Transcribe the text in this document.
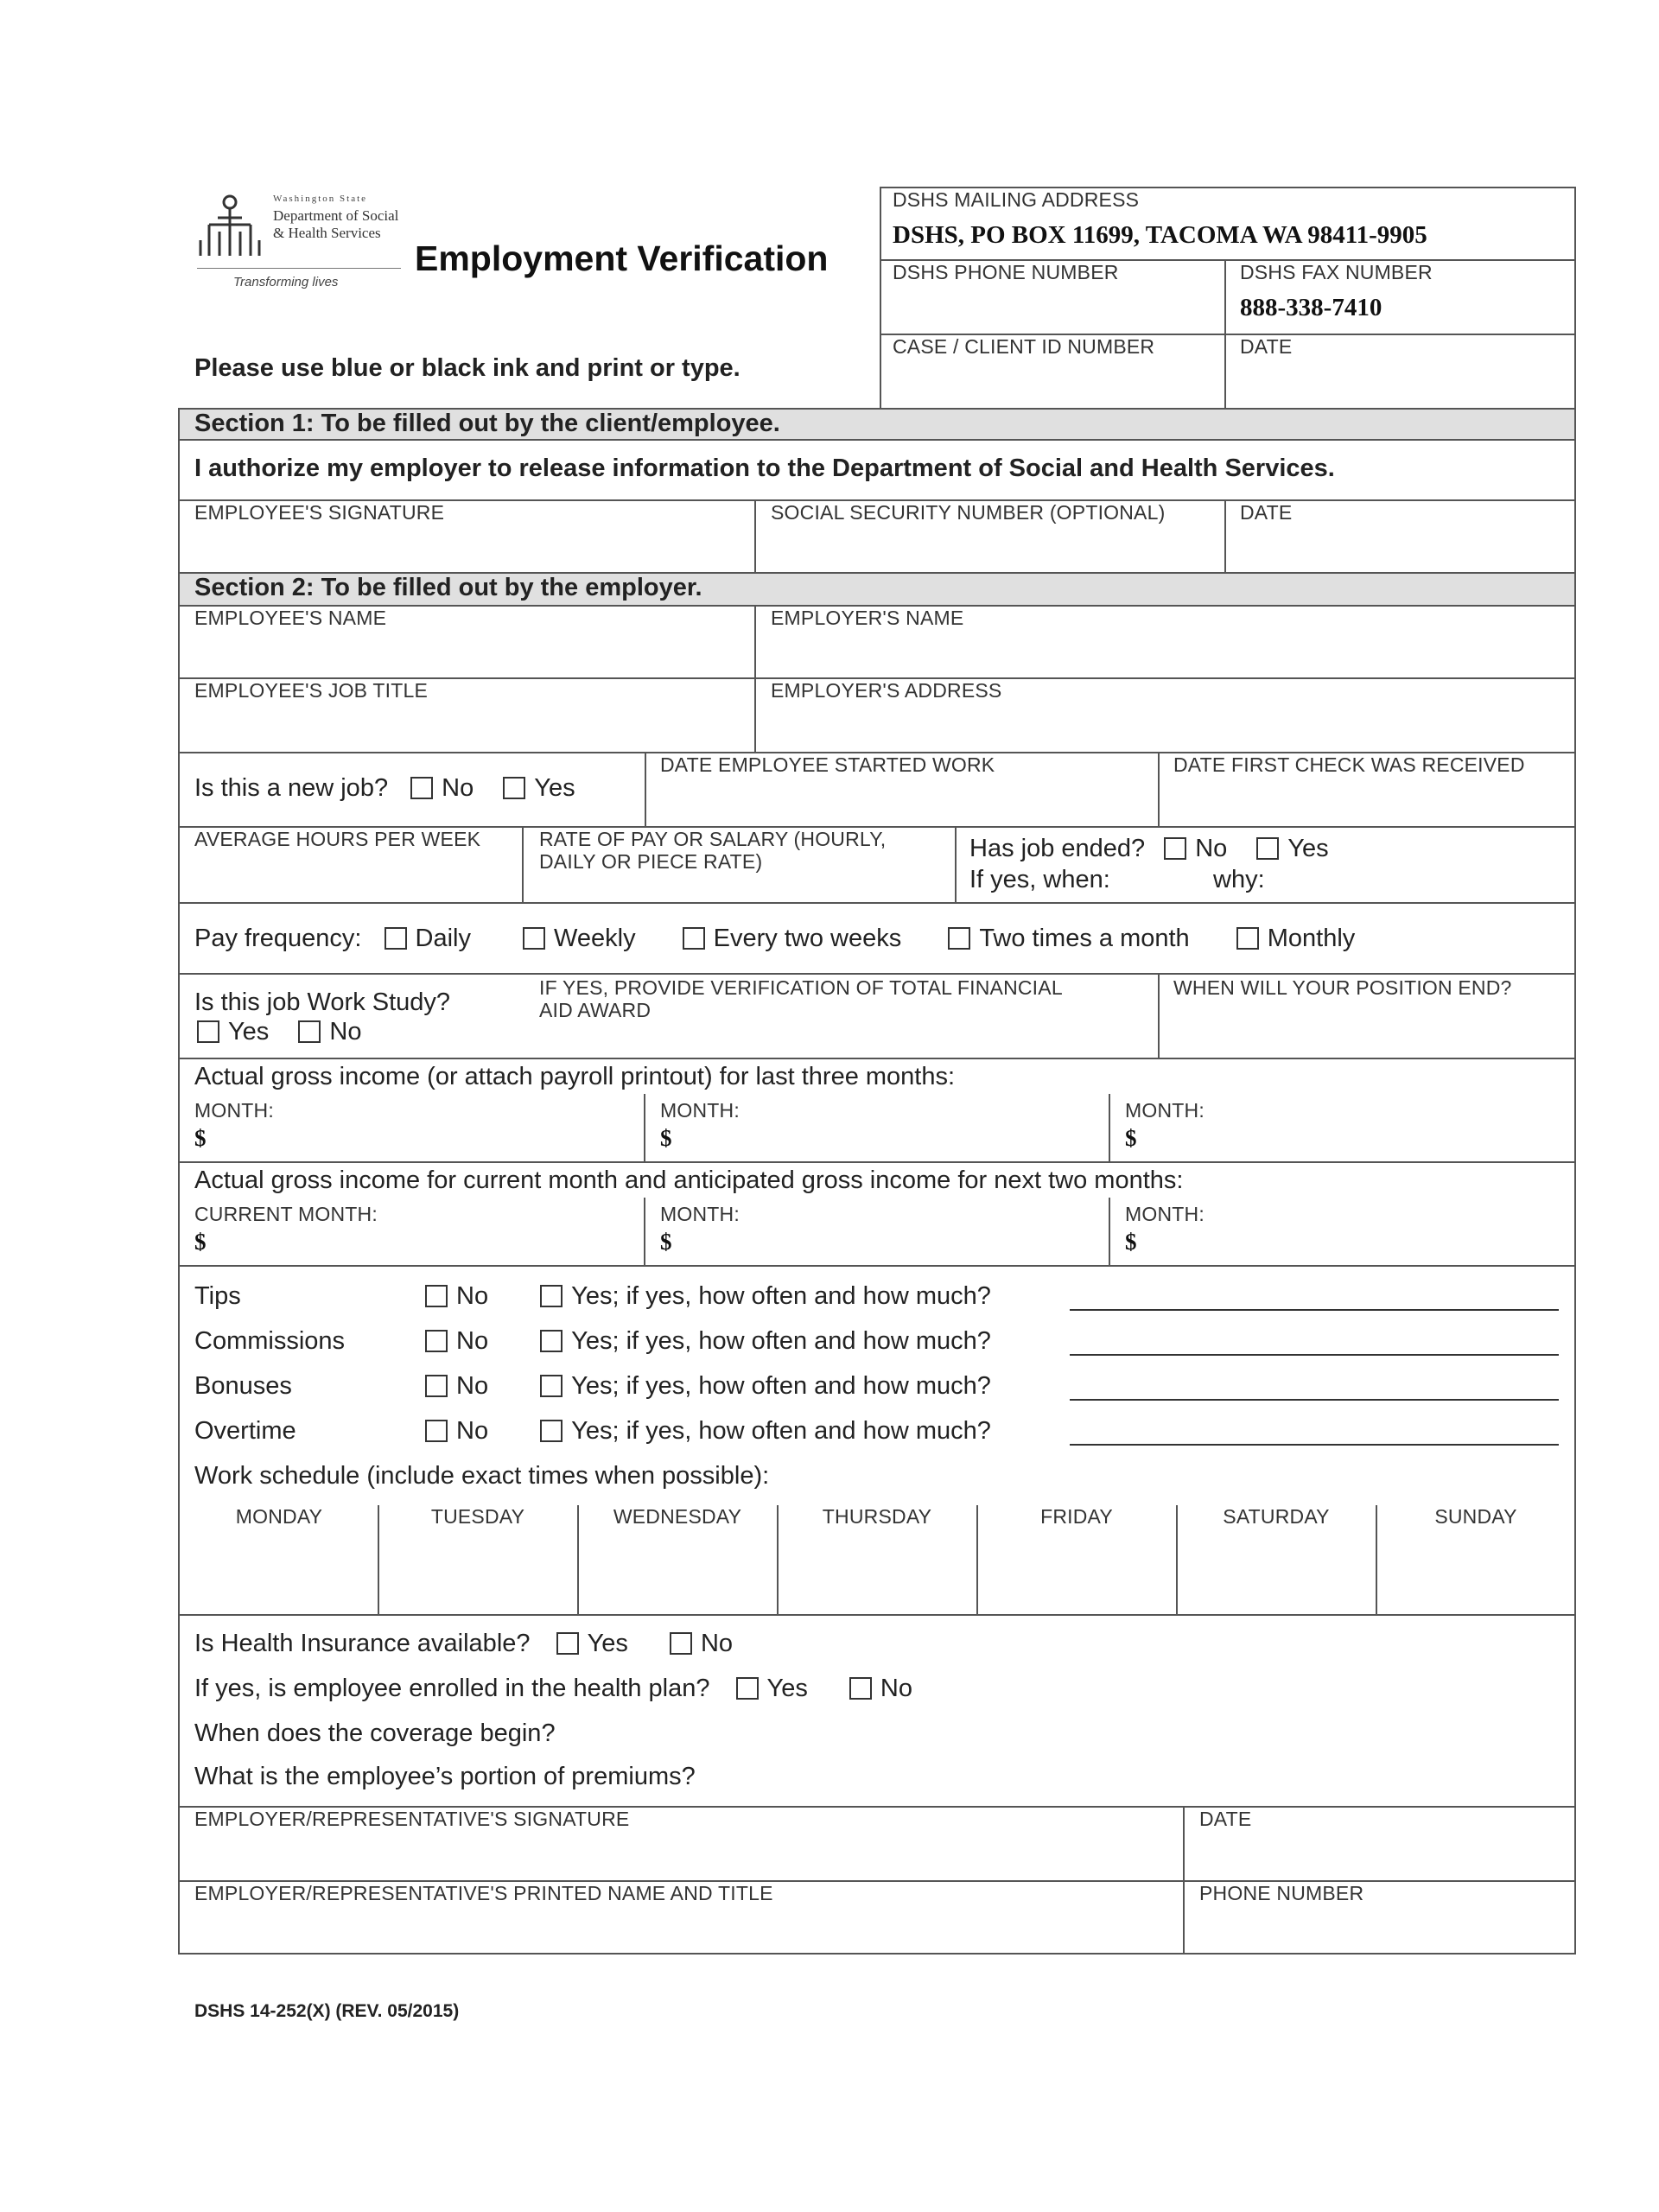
Washington State
Department of Social
& Health Services
Transforming lives
Employment Verification
Please use blue or black ink and print or type.
DSHS MAILING ADDRESS
DSHS, PO BOX 11699, TACOMA WA 98411-9905
DSHS PHONE NUMBER	DSHS FAX NUMBER
888-338-7410
CASE / CLIENT ID NUMBER	DATE
Section 1: To be filled out by the client/employee.
I authorize my employer to release information to the Department of Social and Health Services.
EMPLOYEE'S SIGNATURE	SOCIAL SECURITY NUMBER (OPTIONAL)	DATE
Section 2: To be filled out by the employer.
EMPLOYEE'S NAME	EMPLOYER'S NAME
EMPLOYEE'S JOB TITLE	EMPLOYER'S ADDRESS
Is this a new job? No Yes
DATE EMPLOYEE STARTED WORK	DATE FIRST CHECK WAS RECEIVED
AVERAGE HOURS PER WEEK	RATE OF PAY OR SALARY (HOURLY,
DAILY OR PIECE RATE)	Has job ended? No Yes
If yes, when:	why:
Pay frequency: Daily	Weekly	Every two weeks	Two times a month	Monthly
Is this job Work Study?
Yes No
IF YES, PROVIDE VERIFICATION OF TOTAL FINANCIAL
AID AWARD
WHEN WILL YOUR POSITION END?
Actual gross income (or attach payroll printout) for last three months:
MONTH:
$
MONTH:
$
MONTH:
$
Actual gross income for current month and anticipated gross income for next two months:
CURRENT MONTH:
$
MONTH:
$
MONTH:
$
Tips	No	Yes; if yes, how often and how much?
Commissions	No	Yes; if yes, how often and how much?
Bonuses	No	Yes; if yes, how often and how much?
Overtime	No	Yes; if yes, how often and how much?
Work schedule (include exact times when possible):
MONDAY	TUESDAY	WEDNESDAY	THURSDAY	FRIDAY	SATURDAY	SUNDAY
Is Health Insurance available? Yes	No
If yes, is employee enrolled in the health plan? Yes	No
When does the coverage begin?
What is the employee’s portion of premiums?
EMPLOYER/REPRESENTATIVE'S SIGNATURE	DATE
EMPLOYER/REPRESENTATIVE'S PRINTED NAME AND TITLE	PHONE NUMBER
DSHS 14-252(X) (REV. 05/2015)
